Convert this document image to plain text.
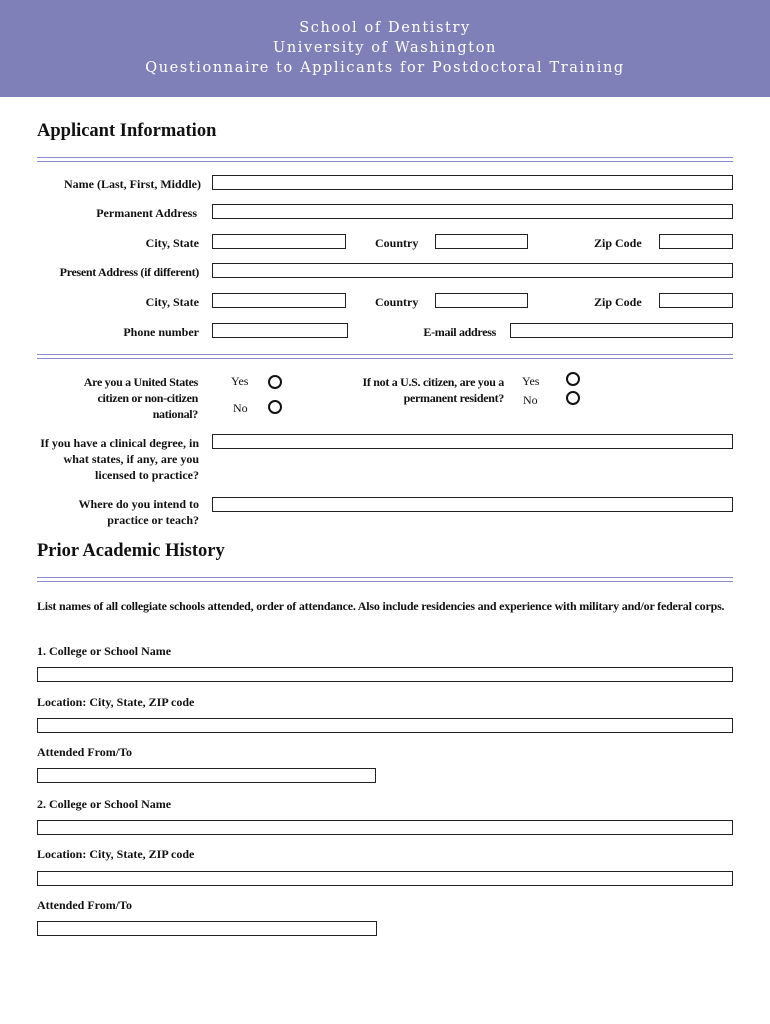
School of Dentistry
University of Washington
Questionnaire to Applicants for Postdoctoral Training
Applicant Information
Name (Last, First, Middle)
Permanent Address
City, State	Country	Zip Code
Present Address (if different)
City, State	Country	Zip Code
Phone number	E-mail address
Are you a United States citizen or non-citizen national?
Yes
No
If not a U.S. citizen, are you a permanent resident?
Yes
No
If you have a clinical degree, in what states, if any, are you licensed to practice?
Where do you intend to practice or teach?
Prior Academic History
List names of all collegiate schools attended, order of attendance. Also include residencies and experience with military and/or federal corps.
1. College or School Name
Location: City, State, ZIP code
Attended From/To
2. College or School Name
Location: City, State, ZIP code
Attended From/To
